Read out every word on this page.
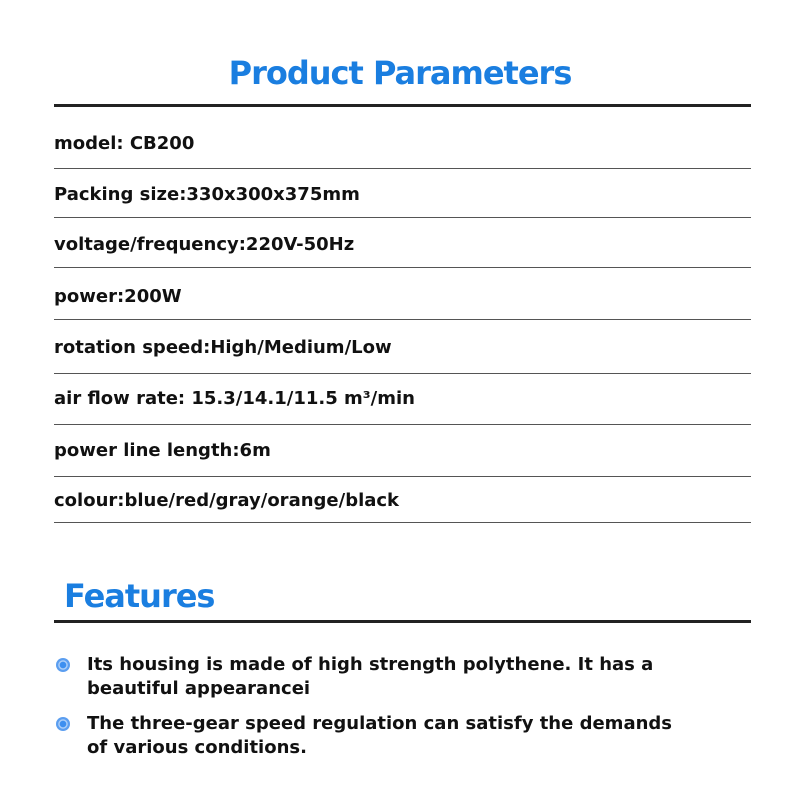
Product Parameters

model: CB200

Packing size:330x300x375mm

voltage/frequency:220V-50Hz

power:200W

rotation speed:High/Medium/Low

air flow rate: 15.3/14.1/11.5 m³/min

power line length:6m

colour:blue/red/gray/orange/black

Features
Its housing is made of high strength polythene. It has a beautiful appearancei
The three-gear speed regulation can satisfy the demands of various conditions.
